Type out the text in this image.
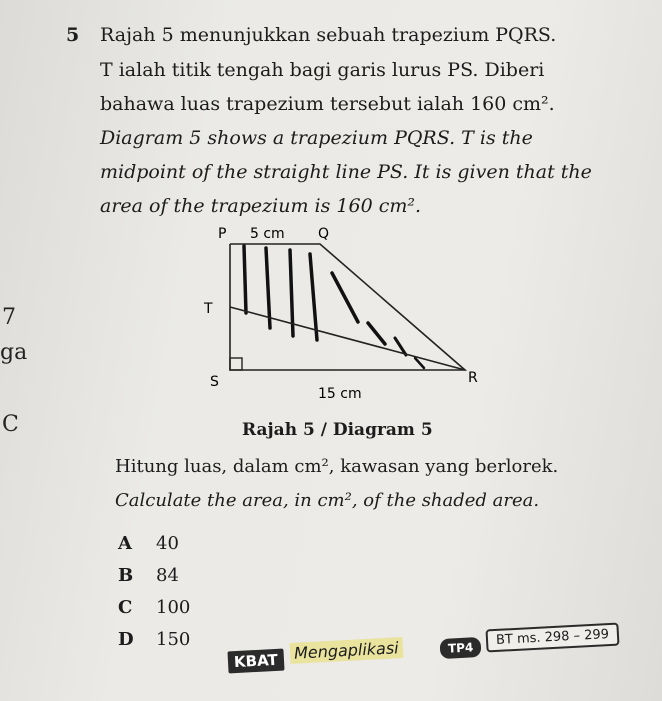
7
ga
C
5 Rajah 5 menunjukkan sebuah trapezium PQRS.
T ialah titik tengah bagi garis lurus PS. Diberi
bahawa luas trapezium tersebut ialah 160 cm².
Diagram 5 shows a trapezium PQRS. T is the
midpoint of the straight line PS. It is given that the
area of the trapezium is 160 cm².
P 5 cm Q
T
S	R
15 cm
Rajah 5 / Diagram 5
Hitung luas, dalam cm², kawasan yang berlorek.
Calculate the area, in cm², of the shaded area.
A 40
B 84
C 100
D 150
KBAT Mengaplikasi	TP4
BT ms. 298 – 299
